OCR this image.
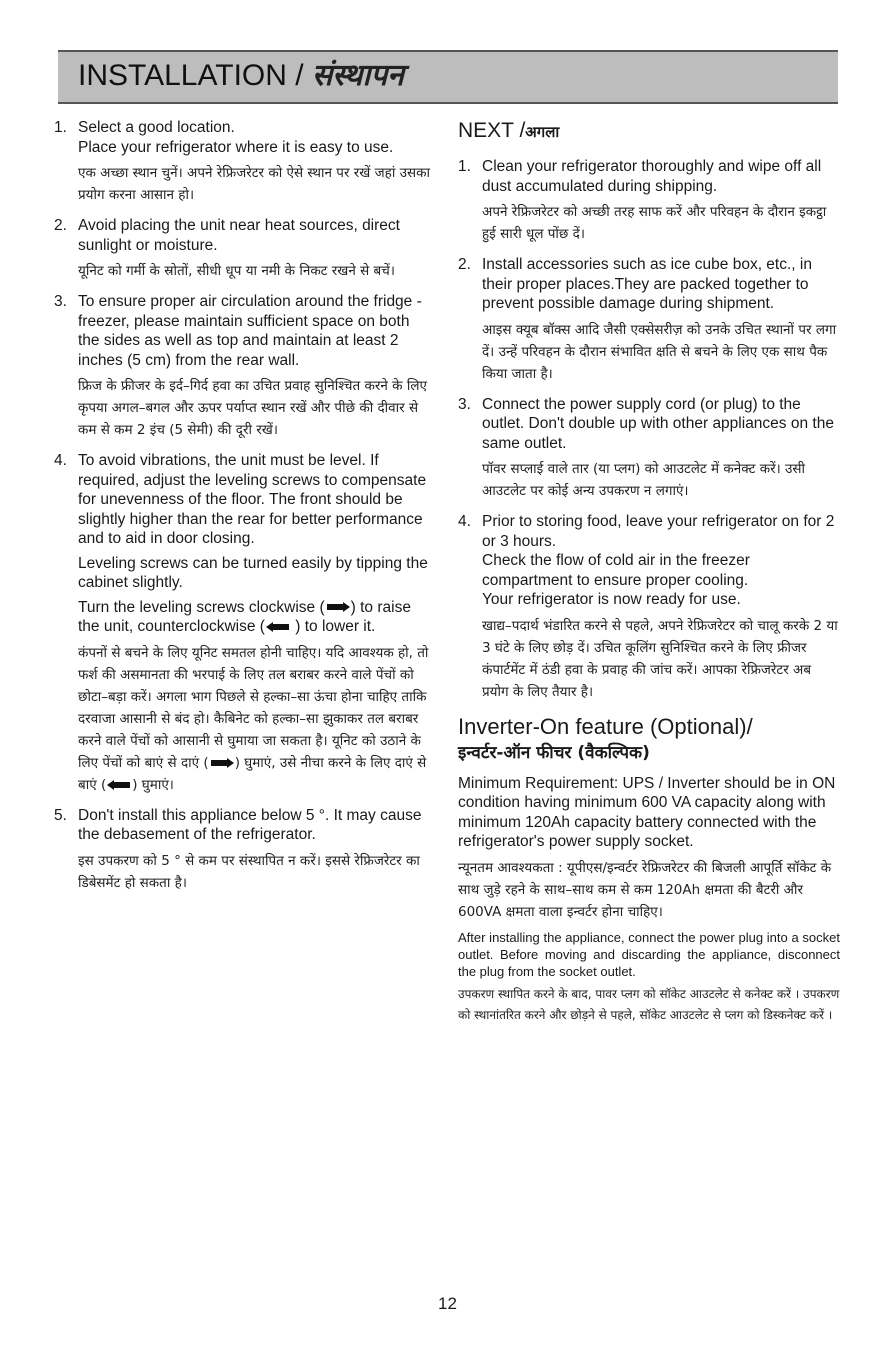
INSTALLATION / संस्थापन
1. Select a good location.

Place your refrigerator where it is easy to use.

एक अच्छा स्थान चुनें। अपने रेफ्रिजरेटर को ऐसे स्थान पर रखें जहां उसका प्रयोग करना आसान हो।

2. Avoid placing the unit near heat sources, direct sunlight or moisture.

यूनिट को गर्मी के स्रोतों, सीधी धूप या नमी के निकट रखने से बचें।

3. To ensure proper air circulation around the fridge -freezer, please maintain sufficient space on both the sides as well as top and maintain at least 2 inches (5 cm) from the rear wall.

फ्रिज के फ्रीजर के इर्द–गिर्द हवा का उचित प्रवाह सुनिश्चित करने के लिए कृपया अगल–बगल और ऊपर पर्याप्त स्थान रखें और पीछे की दीवार से कम से कम 2 इंच (5 सेमी) की दूरी रखें।

4. To avoid vibrations, the unit must be level. If required, adjust the leveling screws to compensate for unevenness of the floor. The front should be slightly higher than the rear for better performance and to aid in door closing.

Leveling screws can be turned easily by tipping the cabinet slightly.

Turn the leveling screws clockwise ( ) to raise the unit, counterclockwise ( ) to lower it.

कंपनों से बचने के लिए यूनिट समतल होनी चाहिए। यदि आवश्यक हो, तो फर्श की असमानता की भरपाई के लिए तल बराबर करने वाले पेंचों को छोटा–बड़ा करें। अगला भाग पिछले से हल्का–सा ऊंचा होना चाहिए ताकि दरवाजा आसानी से बंद हो। कैबिनेट को हल्का–सा झुकाकर तल बराबर करने वाले पेंचों को आसानी से घुमाया जा सकता है। यूनिट को उठाने के लिए पेंचों को बाएं से दाएं ( ) घुमाएं, उसे नीचा करने के लिए दाएं से बाएं ( ) घुमाएं।

5. Don't install this appliance below 5 °. It may cause the debasement of the refrigerator.

इस उपकरण को 5 ° से कम पर संस्थापित न करें। इससे रेफ्रिजरेटर का डिबेसमेंट हो सकता है।

NEXT /अगला

1. Clean your refrigerator thoroughly and wipe off all dust accumulated during shipping.

अपने रेफ्रिजरेटर को अच्छी तरह साफ करें और परिवहन के दौरान इकट्ठा हुई सारी धूल पोंछ दें।

2. Install accessories such as ice cube box, etc., in their proper places.They are packed together to prevent possible damage during shipment.

आइस क्यूब बॉक्स आदि जैसी एक्सेसरीज़ को उनके उचित स्थानों पर लगा दें। उन्हें परिवहन के दौरान संभावित क्षति से बचने के लिए एक साथ पैक किया जाता है।

3. Connect the power supply cord (or plug) to the outlet. Don't double up with other appliances on the same outlet.

पॉवर सप्लाई वाले तार (या प्लग) को आउटलेट में कनेक्ट करें। उसी आउटलेट पर कोई अन्य उपकरण न लगाएं।

4. Prior to storing food, leave your refrigerator on for 2 or 3 hours.

Check the flow of cold air in the freezer compartment to ensure proper cooling.

Your refrigerator is now ready for use.

खाद्य–पदार्थ भंडारित करने से पहले, अपने रेफ्रिजरेटर को चालू करके 2 या 3 घंटे के लिए छोड़ दें। उचित कूलिंग सुनिश्चित करने के लिए फ्रीजर कंपार्टमेंट में ठंडी हवा के प्रवाह की जांच करें। आपका रेफ्रिजरेटर अब प्रयोग के लिए तैयार है।

Inverter-On feature (Optional)/

इन्वर्टर-ऑन फीचर (वैकल्पिक)

Minimum Requirement: UPS / Inverter should be in ON condition having minimum 600 VA capacity along with minimum 120Ah capacity battery connected with the refrigerator's power supply socket.

न्यूनतम आवश्यकता : यूपीएस/इन्वर्टर रेफ्रिजरेटर की बिजली आपूर्ति सॉकेट के साथ जुड़े रहने के साथ–साथ कम से कम 120Ah क्षमता की बैटरी और 600VA क्षमता वाला इन्वर्टर होना चाहिए।

After installing the appliance, connect the power plug into a socket outlet. Before moving and discarding the appliance, disconnect the plug from the socket outlet.

उपकरण स्थापित करने के बाद, पावर प्लग को सॉकेट आउटलेट से कनेक्ट करें । उपकरण को स्थानांतरित करने और छोड़ने से पहले, सॉकेट आउटलेट से प्लग को डिस्कनेक्ट करें ।

12
